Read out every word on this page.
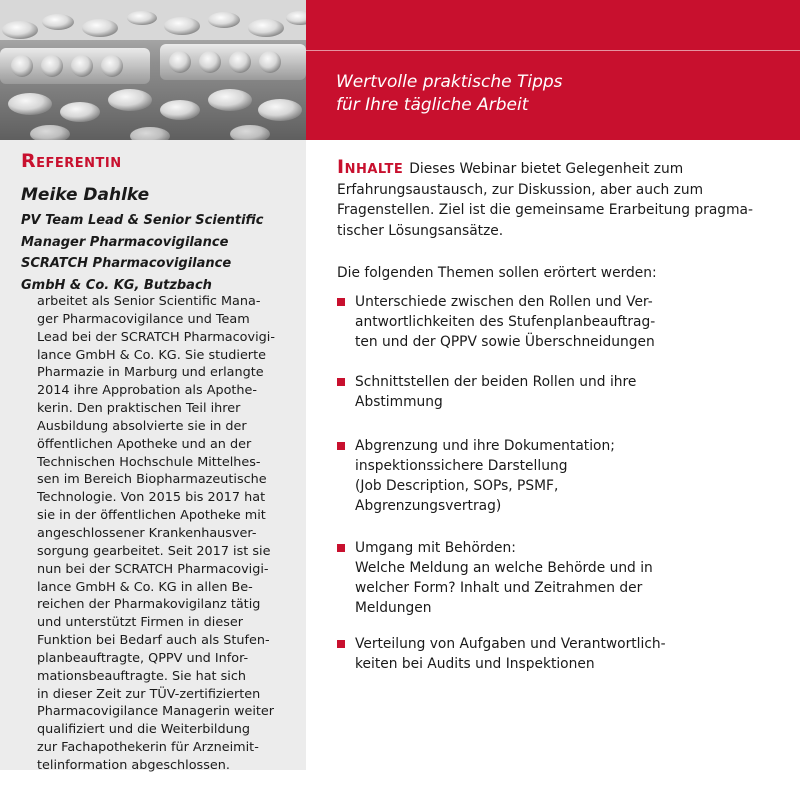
Wertvolle praktische Tipps
für Ihre tägliche Arbeit
Referentin
Meike Dahlke
PV Team Lead & Senior Scientific
Manager Pharmacovigilance
SCRATCH Pharmacovigilance
GmbH & Co. KG, Butzbach
arbeitet als Senior Scientific Mana-
ger Pharmacovigilance und Team
Lead bei der SCRATCH Pharmacovigi-
lance GmbH & Co. KG. Sie studierte
Pharmazie in Marburg und erlangte
2014 ihre Approbation als Apothe-
kerin. Den praktischen Teil ihrer
Ausbildung absolvierte sie in der
öffentlichen Apotheke und an der
Technischen Hochschule Mittelhes-
sen im Bereich Biopharmazeutische
Technologie. Von 2015 bis 2017 hat
sie in der öffentlichen Apotheke mit
angeschlossener Krankenhausver-
sorgung gearbeitet. Seit 2017 ist sie
nun bei der SCRATCH Pharmacovigi-
lance GmbH & Co. KG in allen Be-
reichen der Pharmakovigilanz tätig
und unterstützt Firmen in dieser
Funktion bei Bedarf auch als Stufen-
planbeauftragte, QPPV und Infor-
mationsbeauftragte. Sie hat sich
in dieser Zeit zur TÜV-zertifizierten
Pharmacovigilance Managerin weiter
qualifiziert und die Weiterbildung
zur Fachapothekerin für Arzneimit-
telinformation abgeschlossen.
Inhalte Dieses Webinar bietet Gelegenheit zum
Erfahrungsaustausch, zur Diskussion, aber auch zum
Fragenstellen. Ziel ist die gemeinsame Erarbeitung pragma-
tischer Lösungsansätze.
Die folgenden Themen sollen erörtert werden:
Unterschiede zwischen den Rollen und Ver-
antwortlichkeiten des Stufenplanbeauftrag-
ten und der QPPV sowie Überschneidungen
Schnittstellen der beiden Rollen und ihre
Abstimmung
Abgrenzung und ihre Dokumentation;
inspektionssichere Darstellung
(Job Description, SOPs, PSMF,
Abgrenzungsvertrag)
Umgang mit Behörden:
Welche Meldung an welche Behörde und in
welcher Form? Inhalt und Zeitrahmen der
Meldungen
Verteilung von Aufgaben und Verantwortlich-
keiten bei Audits und Inspektionen
